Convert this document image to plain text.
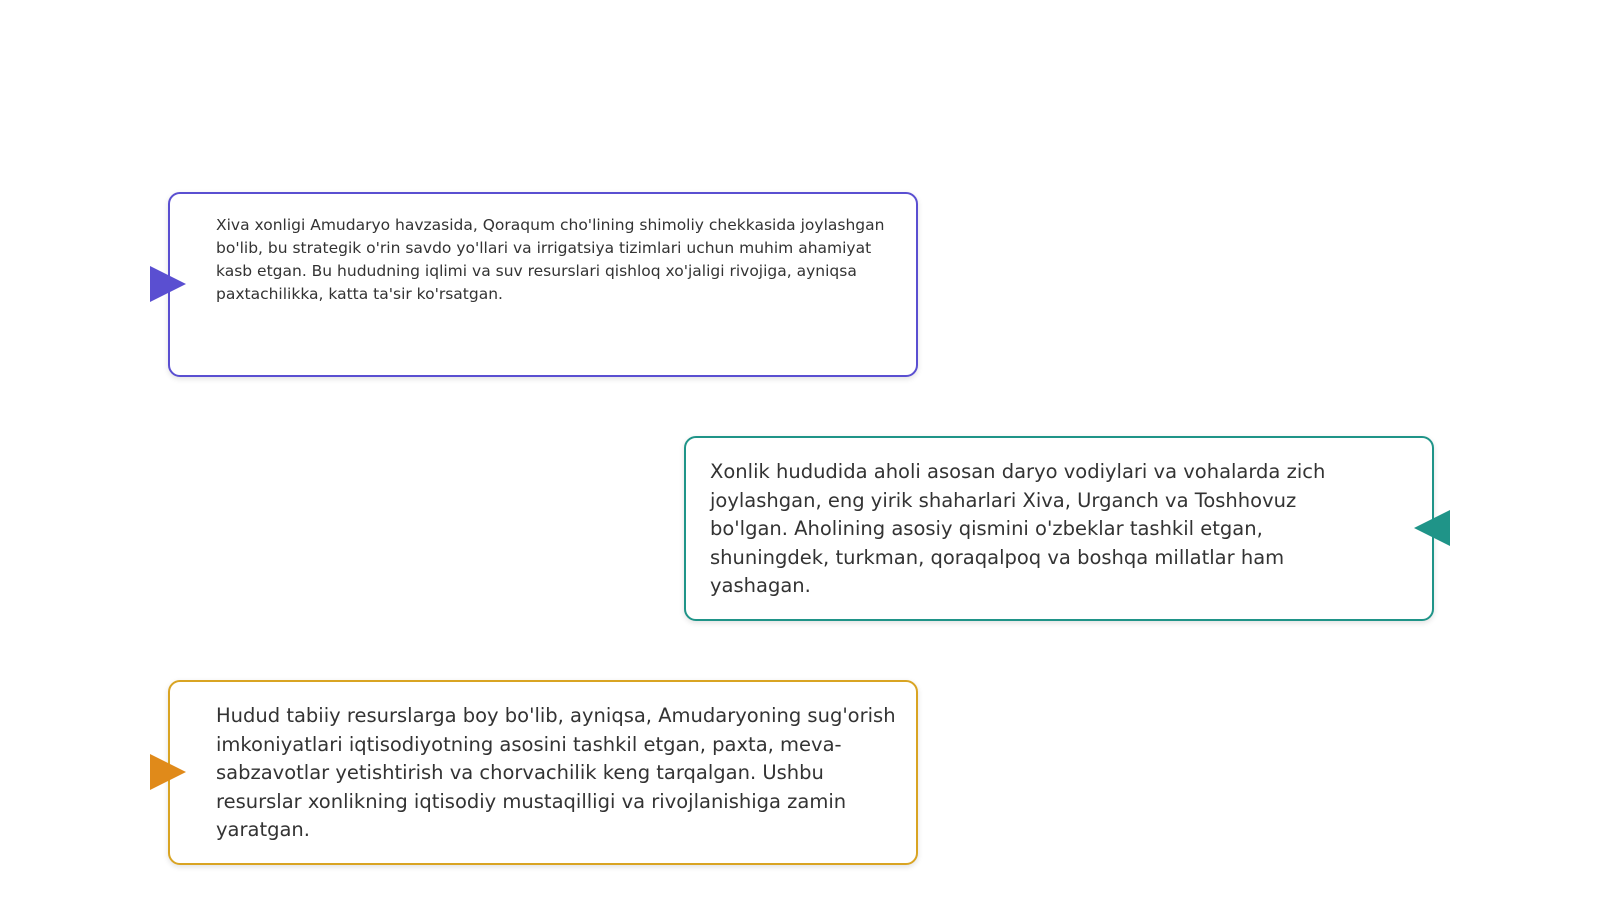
Xiva xonligi Amudaryo havzasida, Qoraqum cho'lining shimoliy chekkasida joylashgan bo'lib, bu strategik o'rin savdo yo'llari va irrigatsiya tizimlari uchun muhim ahamiyat kasb etgan. Bu hududning iqlimi va suv resurslari qishloq xo'jaligi rivojiga, ayniqsa paxtachilikka, katta ta'sir ko'rsatgan.

Xonlik hududida aholi asosan daryo vodiylari va vohalarda zich joylashgan, eng yirik shaharlari Xiva, Urganch va Toshhovuz bo'lgan. Aholining asosiy qismini o'zbeklar tashkil etgan, shuningdek, turkman, qoraqalpoq va boshqa millatlar ham yashagan.

Hudud tabiiy resurslarga boy bo'lib, ayniqsa, Amudaryoning sug'orish imkoniyatlari iqtisodiyotning asosini tashkil etgan, paxta, meva-sabzavotlar yetishtirish va chorvachilik keng tarqalgan. Ushbu resurslar xonlikning iqtisodiy mustaqilligi va rivojlanishiga zamin yaratgan.
